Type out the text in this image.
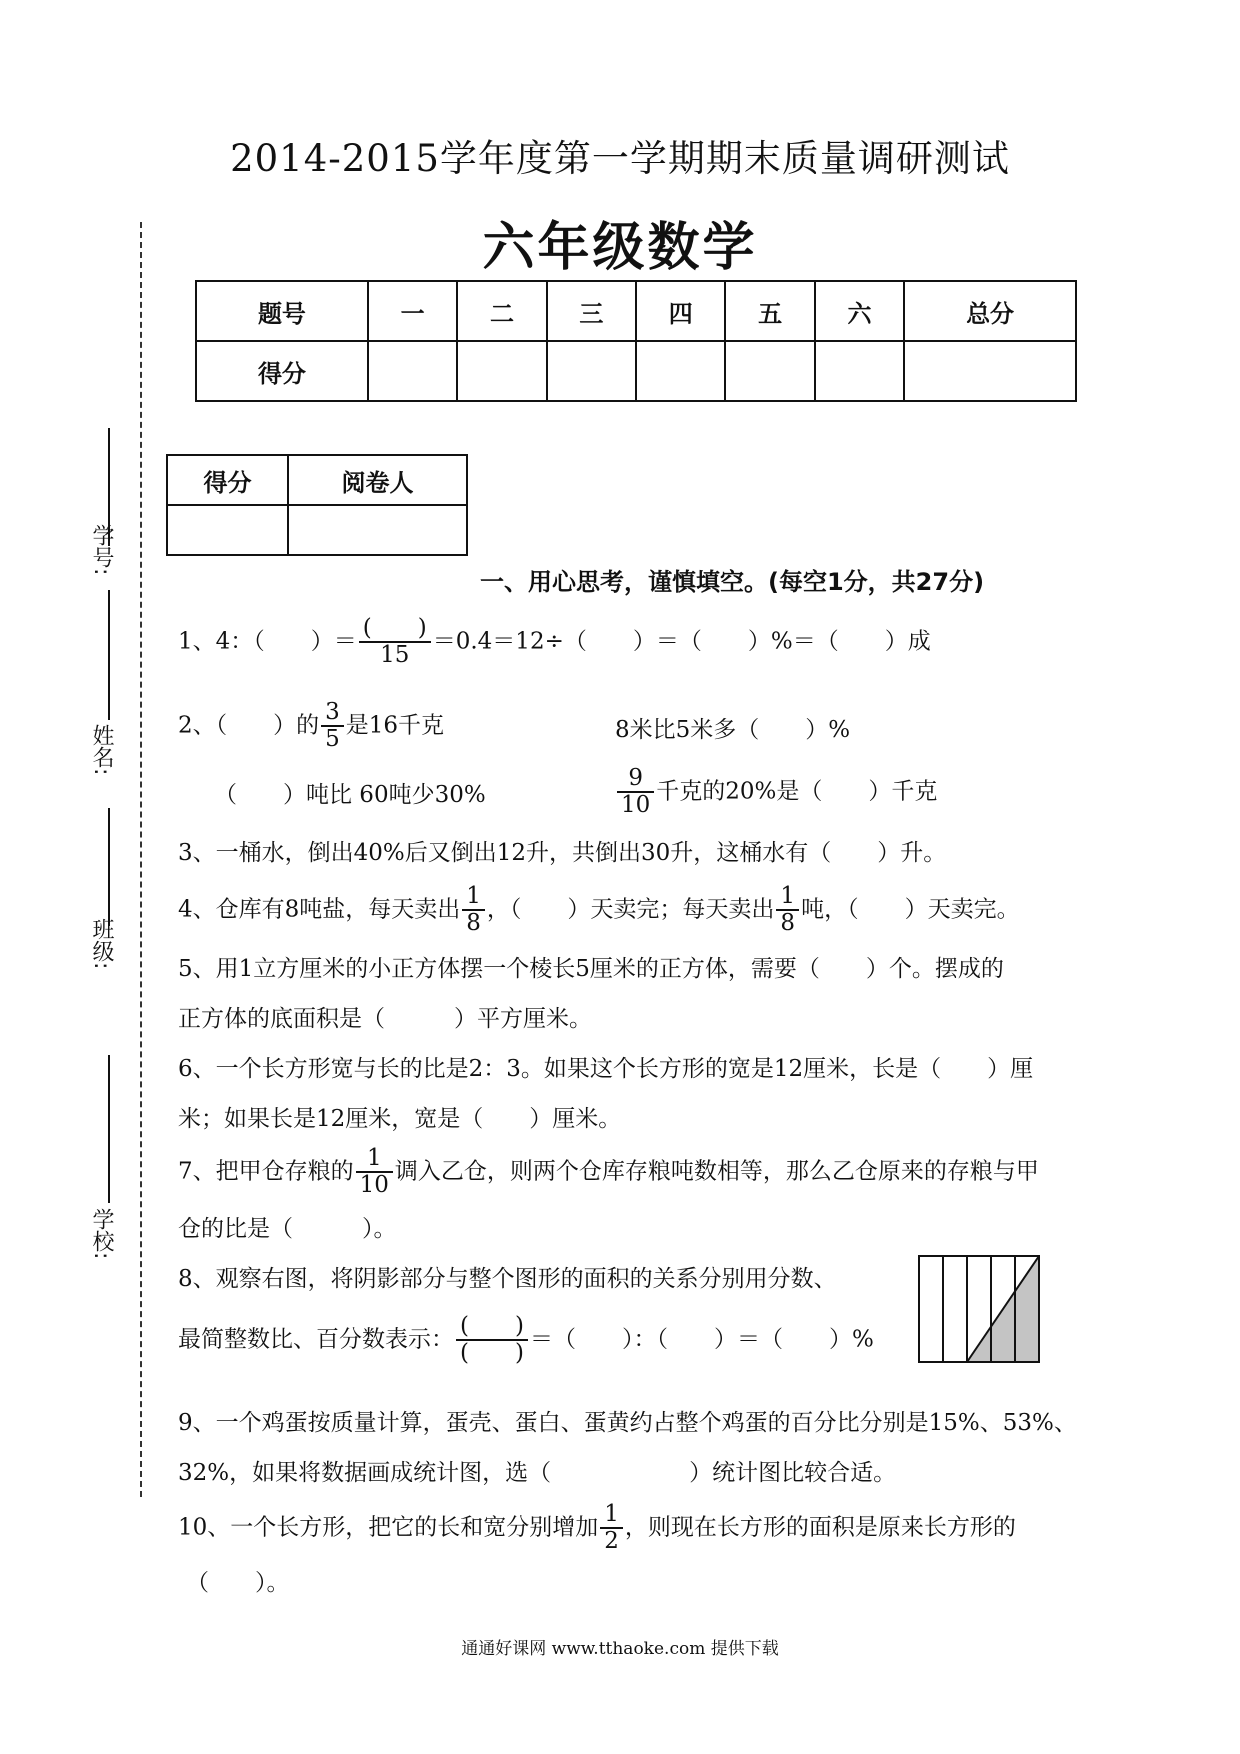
2014-2015学年度第一学期期末质量调研测试
六年级数学
题号	一	二	三	四	五	六	总分
得分							
得分	阅卷人

学号:
姓名:
班级:
学校:
一、用心思考，谨慎填空。(每空1分，共27分)
1、4：（　　）＝ $\frac{( )}{15} =0.4=12\div$（　　）＝（　　）%＝（　　）成
2、（　　）的 $\frac{3}{5}$ 是16千克	8米比5米多（　　）%
（　　）吨比 60吨少30%	$\frac{9}{10}$ 千克的20%是（　　）千克
3、一桶水，倒出40%后又倒出12升，共倒出30升，这桶水有（　　）升。
4、仓库有8吨盐，每天卖出 $\frac{1}{8}$ ，（　　）天卖完；每天卖出 $\frac{1}{8}$ 吨，（　　）天卖完。
5、用1立方厘米的小正方体摆一个棱长5厘米的正方体，需要（　　）个。摆成的
正方体的底面积是（　　　）平方厘米。
6、一个长方形宽与长的比是2：3。如果这个长方形的宽是12厘米，长是（　　）厘
米；如果长是12厘米，宽是（　　）厘米。
7、把甲仓存粮的 $\frac{1}{10}$ 调入乙仓，则两个仓库存粮吨数相等，那么乙仓原来的存粮与甲
仓的比是（　　　）。
8、观察右图，将阴影部分与整个图形的面积的关系分别用分数、
最简整数比、百分数表示： $\frac{( )}{( )}$ ＝（　　）：（　　）＝（　　）%
9、一个鸡蛋按质量计算，蛋壳、蛋白、蛋黄约占整个鸡蛋的百分比分别是15%、53%、
32%，如果将数据画成统计图，选（　　　　　　）统计图比较合适。
10、一个长方形，把它的长和宽分别增加 $\frac{1}{2}$ ，则现在长方形的面积是原来长方形的
（　　）。
通通好课网 www.tthaoke.com 提供下载
